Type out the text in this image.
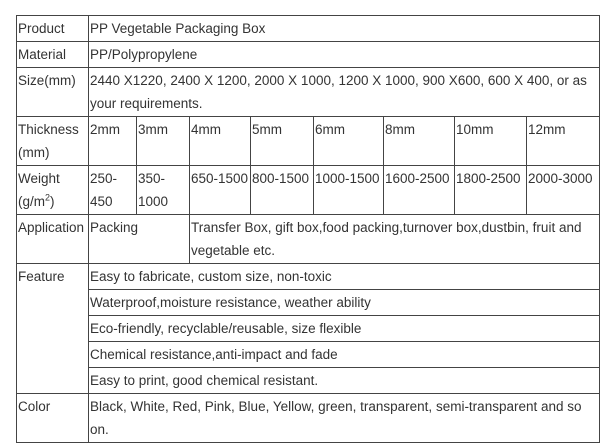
Product	PP Vegetable Packaging Box							
Material	PP/Polypropylene							
Size(mm)	2440 X1220, 2400 X 1200, 2000 X 1000, 1200 X 1000, 900 X600, 600 X 400, or as your requirements.							
Thickness (mm)	2mm	3mm	4mm	5mm	6mm	8mm	10mm	12mm
Weight $(g/m^2)$	250-450	350-1000	650-1500	800-1500	1000-1500	1600-2500	1800-2500	2000-3000
Application	Packing		Transfer Box, gift box,food packing,turnover box,dustbin, fruit and vegetable etc.					
Feature	Easy to fabricate, custom size, non-toxic							
	Waterproof,moisture resistance, weather ability							
	Eco-friendly, recyclable/reusable, size flexible							
	Chemical resistance,anti-impact and fade							
	Easy to print, good chemical resistant.							
Color	Black, White, Red, Pink, Blue, Yellow, green, transparent, semi-transparent and so on.							
